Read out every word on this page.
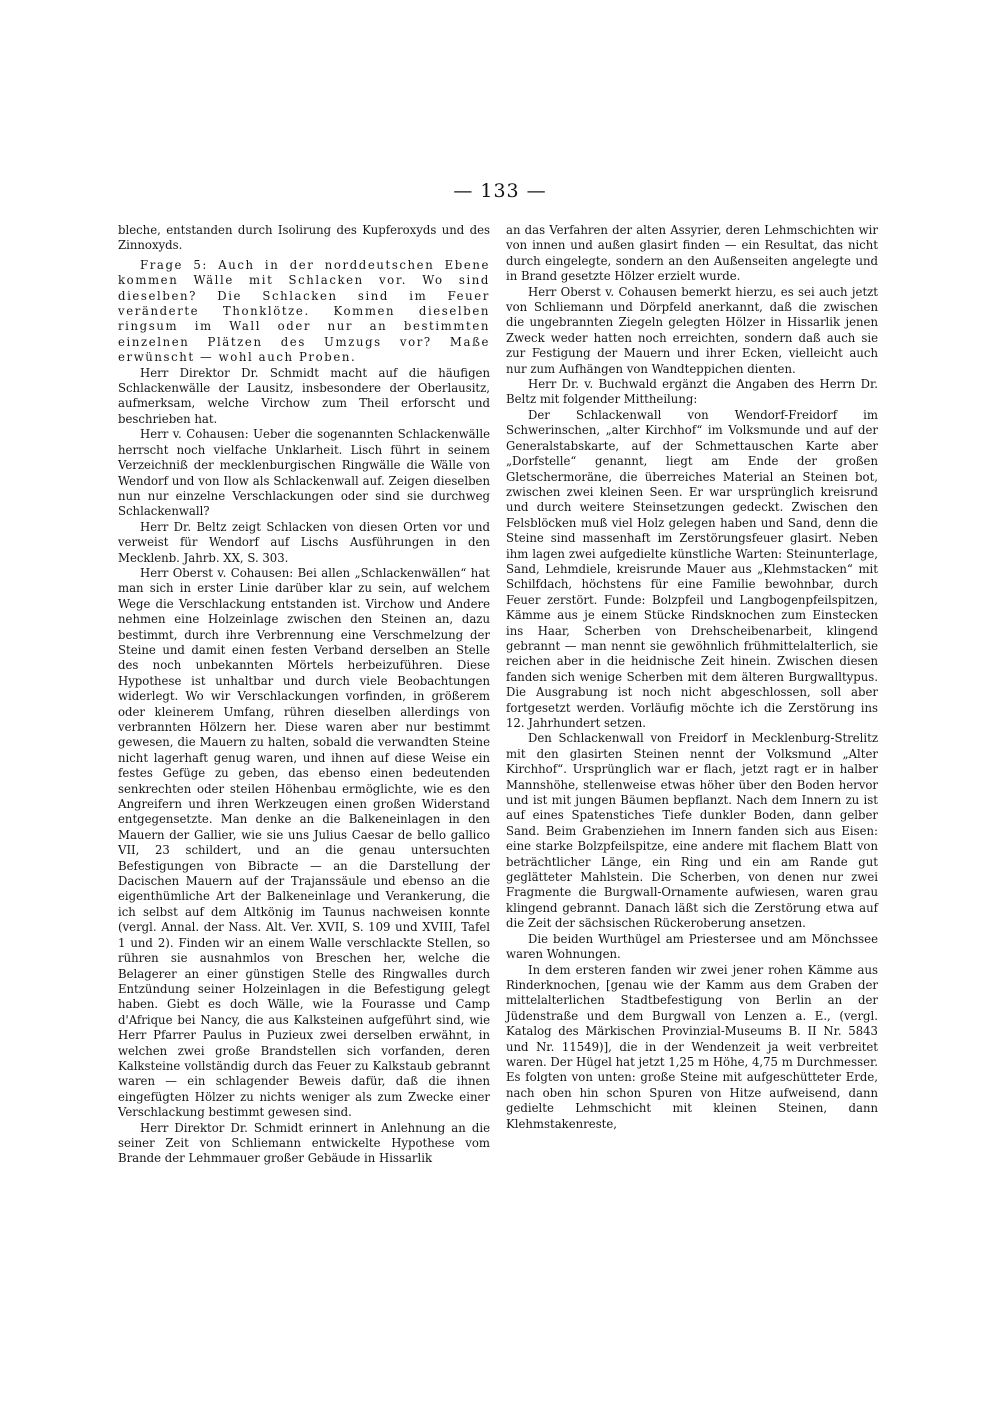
— 133 —

bleche, entstanden durch Isolirung des Kupferoxyds und des Zinnoxyds.

Frage 5: Auch in der norddeutschen Ebene kommen Wälle mit Schlacken vor. Wo sind dieselben? Die Schlacken sind im Feuer veränderte Thonklötze. Kommen dieselben ringsum im Wall oder nur an bestimmten einzelnen Plätzen des Umzugs vor? Maße erwünscht — wohl auch Proben.

Herr Direktor Dr. Schmidt macht auf die häufigen Schlackenwälle der Lausitz, insbesondere der Oberlausitz, aufmerksam, welche Virchow zum Theil erforscht und beschrieben hat.

Herr v. Cohausen: Ueber die sogenannten Schlackenwälle herrscht noch vielfache Unklarheit. Lisch führt in seinem Verzeichniß der mecklenburgischen Ringwälle die Wälle von Wendorf und von Ilow als Schlackenwall auf. Zeigen dieselben nun nur einzelne Verschlackungen oder sind sie durchweg Schlackenwall?

Herr Dr. Beltz zeigt Schlacken von diesen Orten vor und verweist für Wendorf auf Lischs Ausführungen in den Mecklenb. Jahrb. XX, S. 303.

Herr Oberst v. Cohausen: Bei allen „Schlackenwällen“ hat man sich in erster Linie darüber klar zu sein, auf welchem Wege die Verschlackung entstanden ist. Virchow und Andere nehmen eine Holzeinlage zwischen den Steinen an, dazu bestimmt, durch ihre Verbrennung eine Verschmelzung der Steine und damit einen festen Verband derselben an Stelle des noch unbekannten Mörtels herbeizuführen. Diese Hypothese ist unhaltbar und durch viele Beobachtungen widerlegt. Wo wir Verschlackungen vorfinden, in größerem oder kleinerem Umfang, rühren dieselben allerdings von verbrannten Hölzern her. Diese waren aber nur bestimmt gewesen, die Mauern zu halten, sobald die verwandten Steine nicht lagerhaft genug waren, und ihnen auf diese Weise ein festes Gefüge zu geben, das ebenso einen bedeutenden senkrechten oder steilen Höhenbau ermöglichte, wie es den Angreifern und ihren Werkzeugen einen großen Widerstand entgegensetzte. Man denke an die Balkeneinlagen in den Mauern der Gallier, wie sie uns Julius Caesar de bello gallico VII, 23 schildert, und an die genau untersuchten Befestigungen von Bibracte — an die Darstellung der Dacischen Mauern auf der Trajanssäule und ebenso an die eigenthümliche Art der Balkeneinlage und Verankerung, die ich selbst auf dem Altkönig im Taunus nachweisen konnte (vergl. Annal. der Nass. Alt. Ver. XVII, S. 109 und XVIII, Tafel 1 und 2). Finden wir an einem Walle verschlackte Stellen, so rühren sie ausnahmlos von Breschen her, welche die Belagerer an einer günstigen Stelle des Ringwalles durch Entzündung seiner Holzeinlagen in die Befestigung gelegt haben. Giebt es doch Wälle, wie la Fourasse und Camp d'Afrique bei Nancy, die aus Kalksteinen aufgeführt sind, wie Herr Pfarrer Paulus in Puzieux zwei derselben erwähnt, in welchen zwei große Brandstellen sich vorfanden, deren Kalksteine vollständig durch das Feuer zu Kalkstaub gebrannt waren — ein schlagender Beweis dafür, daß die ihnen eingefügten Hölzer zu nichts weniger als zum Zwecke einer Verschlackung bestimmt gewesen sind.

Herr Direktor Dr. Schmidt erinnert in Anlehnung an die seiner Zeit von Schliemann entwickelte Hypothese vom Brande der Lehmmauer großer Gebäude in Hissarlik

an das Verfahren der alten Assyrier, deren Lehmschichten wir von innen und außen glasirt finden — ein Resultat, das nicht durch eingelegte, sondern an den Außenseiten angelegte und in Brand gesetzte Hölzer erzielt wurde.

Herr Oberst v. Cohausen bemerkt hierzu, es sei auch jetzt von Schliemann und Dörpfeld anerkannt, daß die zwischen die ungebrannten Ziegeln gelegten Hölzer in Hissarlik jenen Zweck weder hatten noch erreichten, sondern daß auch sie zur Festigung der Mauern und ihrer Ecken, vielleicht auch nur zum Aufhängen von Wandteppichen dienten.

Herr Dr. v. Buchwald ergänzt die Angaben des Herrn Dr. Beltz mit folgender Mittheilung:

Der Schlackenwall von Wendorf-Freidorf im Schwerinschen, „alter Kirchhof“ im Volksmunde und auf der Generalstabskarte, auf der Schmettauschen Karte aber „Dorfstelle“ genannt, liegt am Ende der großen Gletschermoräne, die überreiches Material an Steinen bot, zwischen zwei kleinen Seen. Er war ursprünglich kreisrund und durch weitere Steinsetzungen gedeckt. Zwischen den Felsblöcken muß viel Holz gelegen haben und Sand, denn die Steine sind massenhaft im Zerstörungsfeuer glasirt. Neben ihm lagen zwei aufgedielte künstliche Warten: Steinunterlage, Sand, Lehmdiele, kreisrunde Mauer aus „Klehmstacken“ mit Schilfdach, höchstens für eine Familie bewohnbar, durch Feuer zerstört. Funde: Bolzpfeil und Langbogenpfeilspitzen, Kämme aus je einem Stücke Rindsknochen zum Einstecken ins Haar, Scherben von Drehscheibenarbeit, klingend gebrannt — man nennt sie gewöhnlich frühmittelalterlich, sie reichen aber in die heidnische Zeit hinein. Zwischen diesen fanden sich wenige Scherben mit dem älteren Burgwalltypus. Die Ausgrabung ist noch nicht abgeschlossen, soll aber fortgesetzt werden. Vorläufig möchte ich die Zerstörung ins 12. Jahrhundert setzen.

Den Schlackenwall von Freidorf in Mecklenburg-Strelitz mit den glasirten Steinen nennt der Volksmund „Alter Kirchhof“. Ursprünglich war er flach, jetzt ragt er in halber Mannshöhe, stellenweise etwas höher über den Boden hervor und ist mit jungen Bäumen bepflanzt. Nach dem Innern zu ist auf eines Spatenstiches Tiefe dunkler Boden, dann gelber Sand. Beim Grabenziehen im Innern fanden sich aus Eisen: eine starke Bolzpfeilspitze, eine andere mit flachem Blatt von beträchtlicher Länge, ein Ring und ein am Rande gut geglätteter Mahlstein. Die Scherben, von denen nur zwei Fragmente die Burgwall-Ornamente aufwiesen, waren grau klingend gebrannt. Danach läßt sich die Zerstörung etwa auf die Zeit der sächsischen Rückeroberung ansetzen.

Die beiden Wurthügel am Priestersee und am Mönchssee waren Wohnungen.

In dem ersteren fanden wir zwei jener rohen Kämme aus Rinderknochen, [genau wie der Kamm aus dem Graben der mittelalterlichen Stadtbefestigung von Berlin an der Jüdenstraße und dem Burgwall von Lenzen a. E., (vergl. Katalog des Märkischen Provinzial-Museums B. II Nr. 5843 und Nr. 11549)], die in der Wendenzeit ja weit verbreitet waren. Der Hügel hat jetzt 1,25 m Höhe, 4,75 m Durchmesser. Es folgten von unten: große Steine mit aufgeschütteter Erde, nach oben hin schon Spuren von Hitze aufweisend, dann gedielte Lehmschicht mit kleinen Steinen, dann Klehmstakenreste,
